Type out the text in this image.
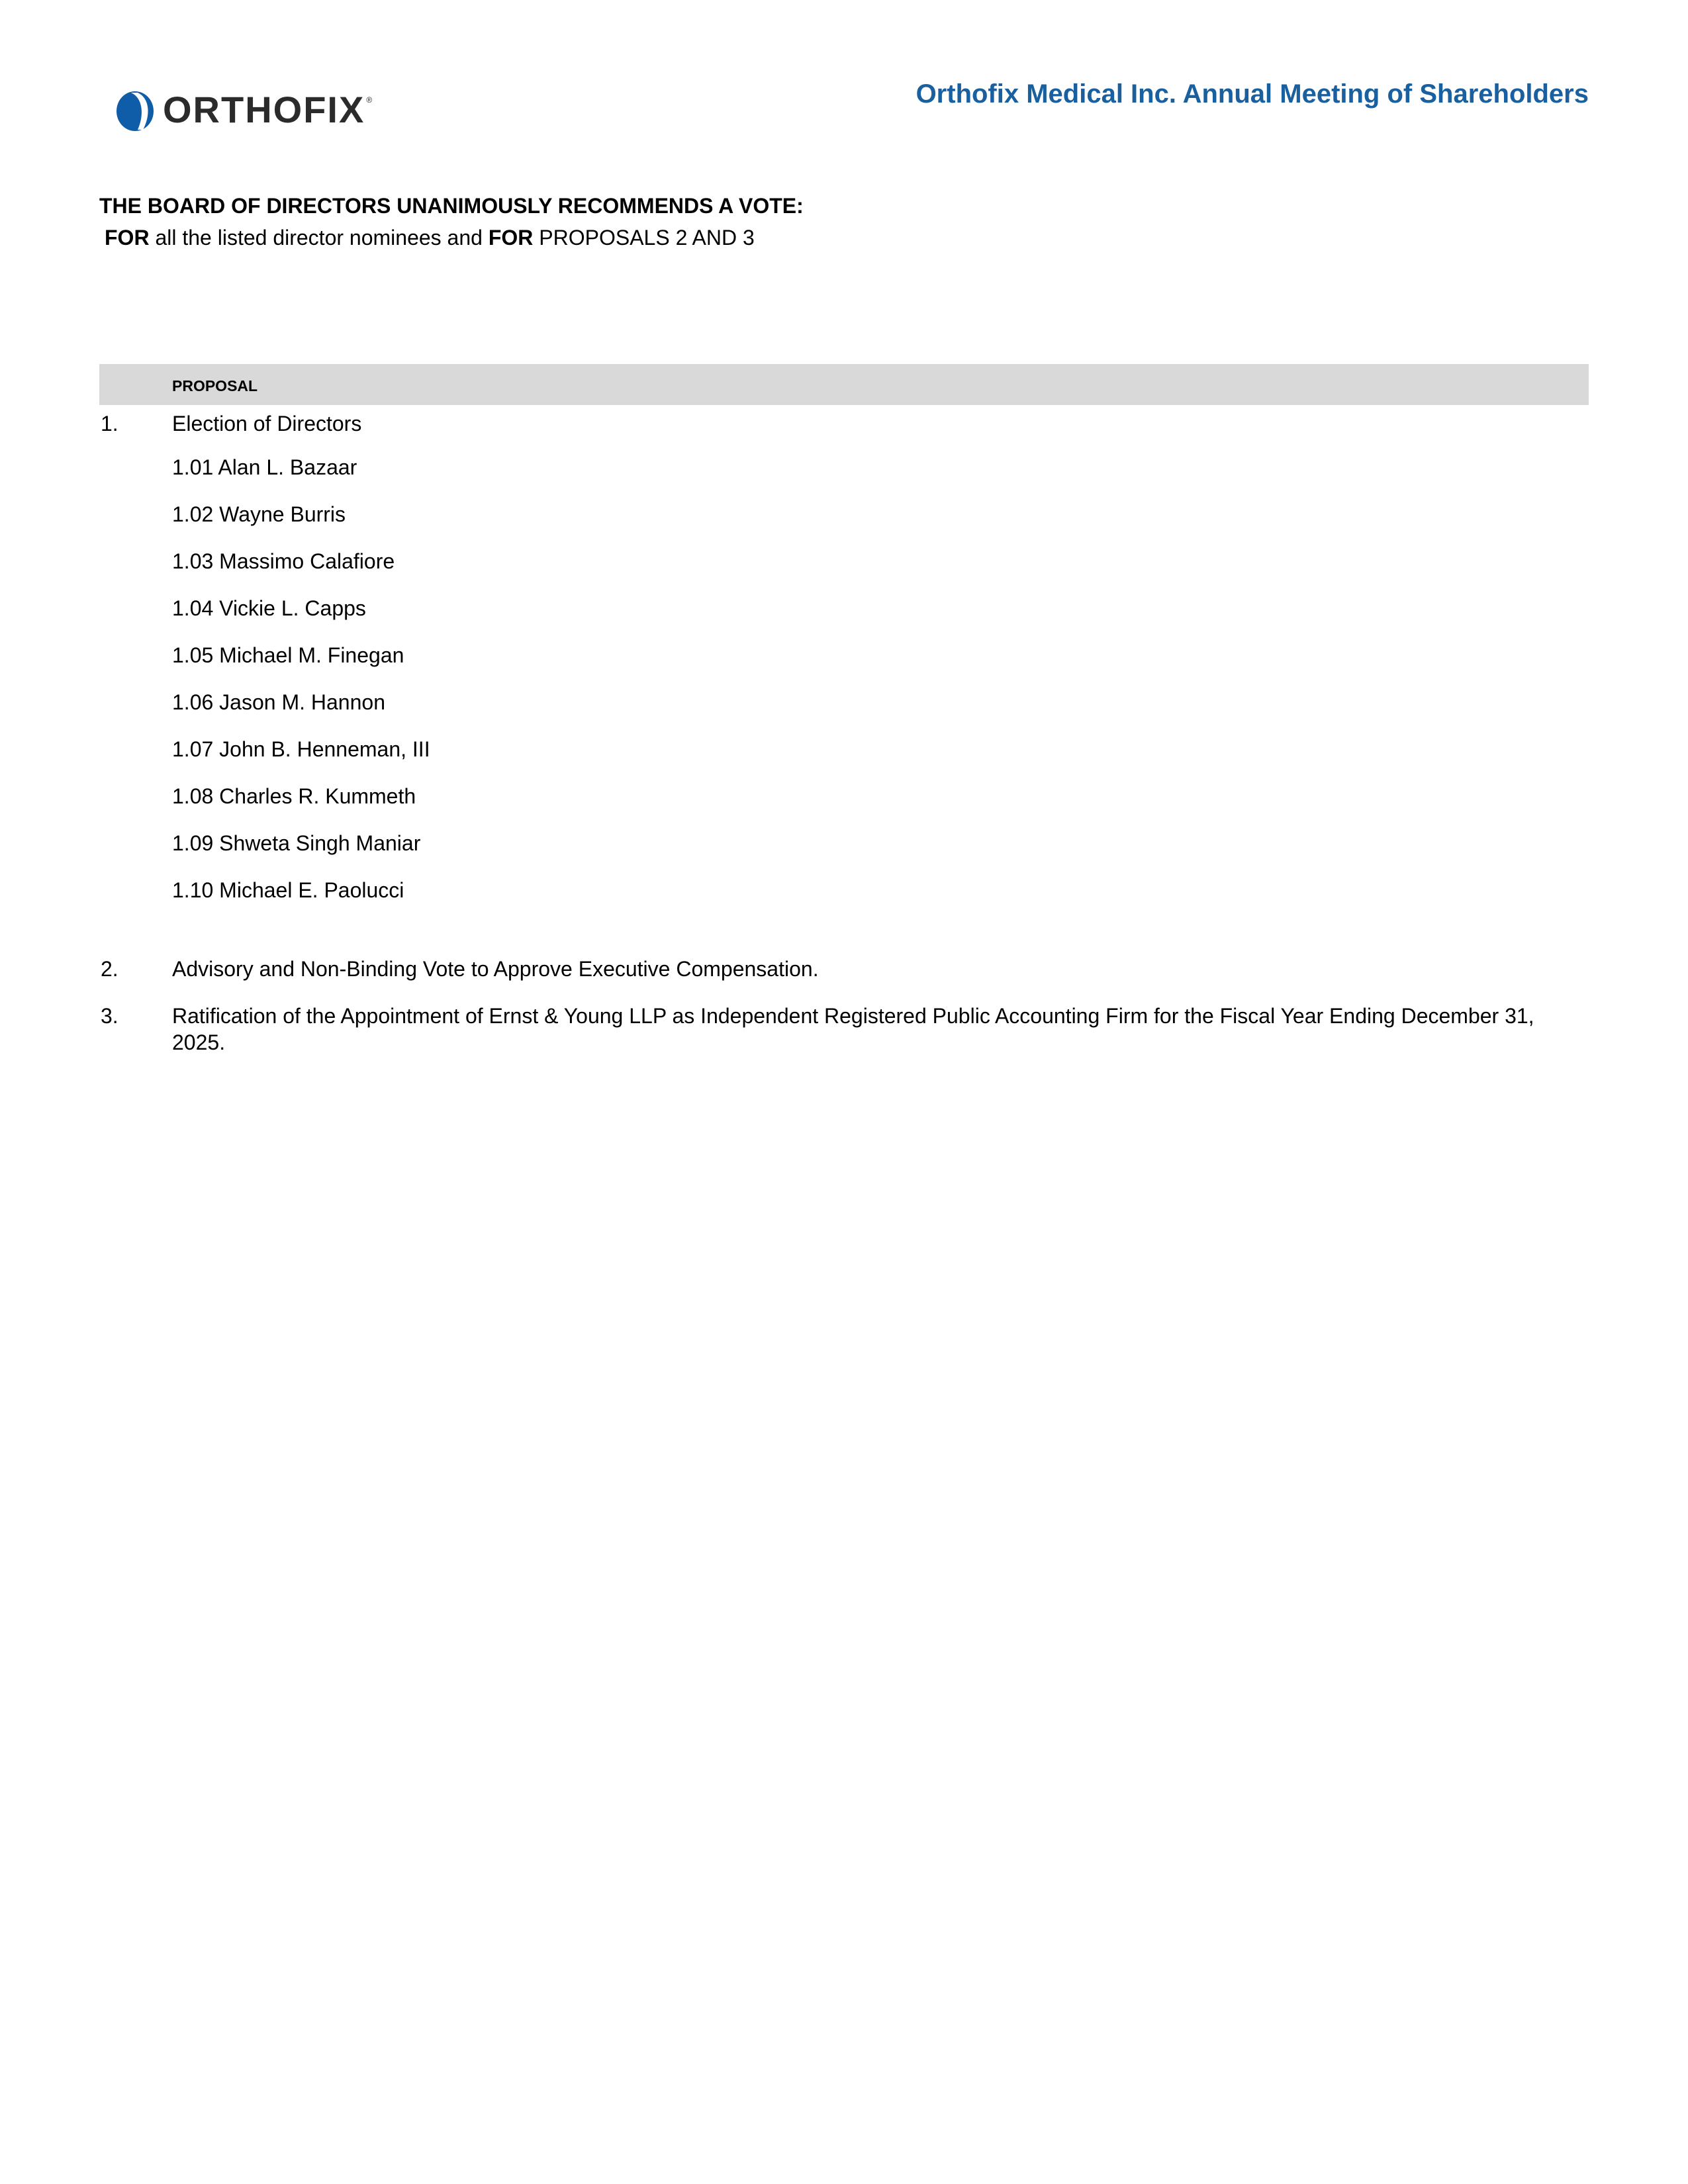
ORTHOFIX ®	Orthofix Medical Inc. Annual Meeting of Shareholders
THE BOARD OF DIRECTORS UNANIMOUSLY RECOMMENDS A VOTE:
FOR all the listed director nominees and FOR PROPOSALS 2 AND 3
PROPOSAL
1.	Election of Directors
1.01 Alan L. Bazaar
1.02 Wayne Burris
1.03 Massimo Calafiore
1.04 Vickie L. Capps
1.05 Michael M. Finegan
1.06 Jason M. Hannon
1.07 John B. Henneman, III
1.08 Charles R. Kummeth
1.09 Shweta Singh Maniar
1.10 Michael E. Paolucci
2.	Advisory and Non-Binding Vote to Approve Executive Compensation.
3.	Ratification of the Appointment of Ernst & Young LLP as Independent Registered Public Accounting Firm for the Fiscal Year Ending December 31, 2025.
